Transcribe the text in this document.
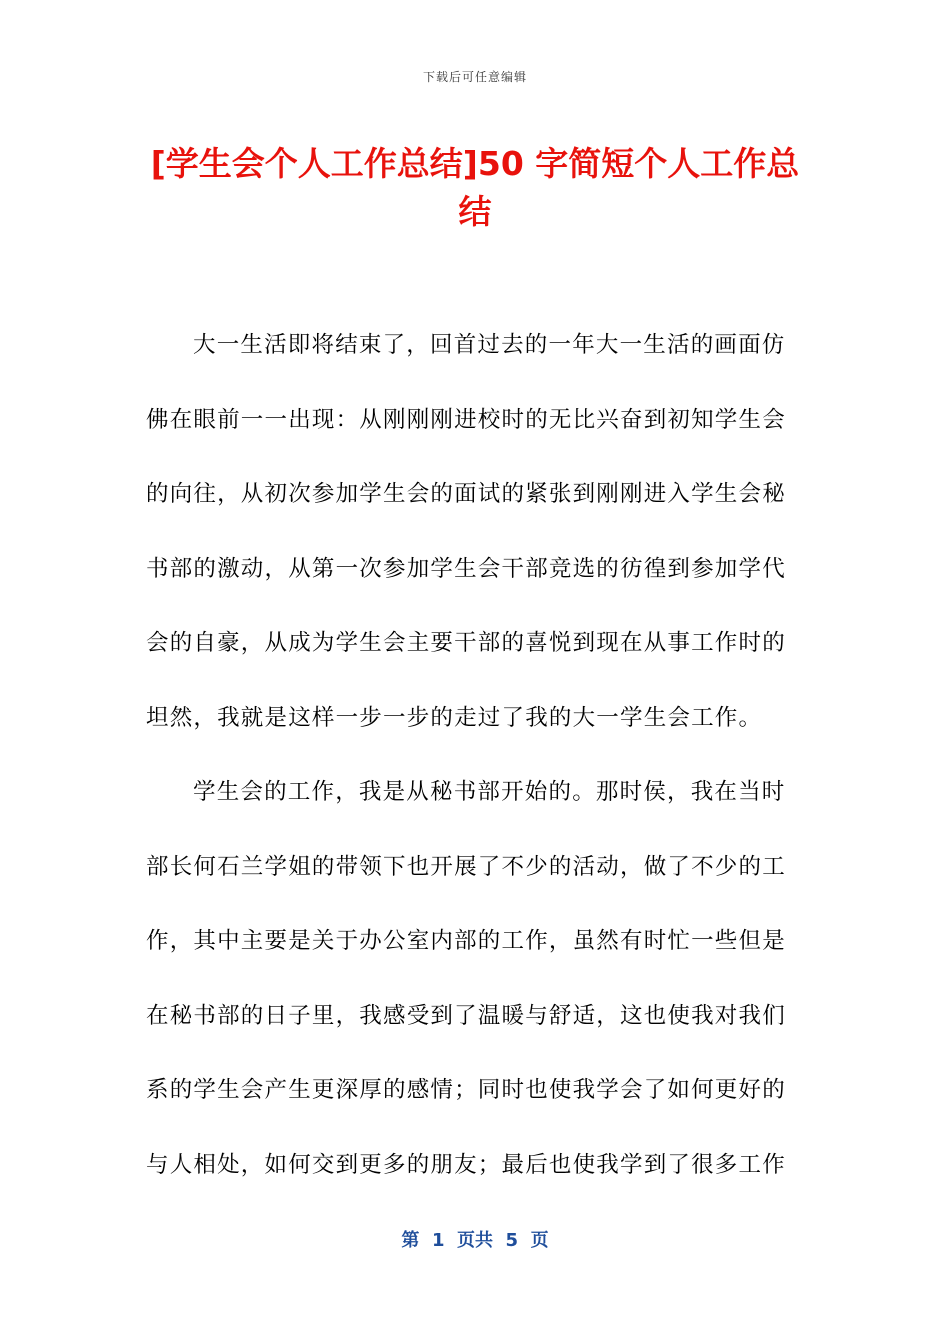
下载后可任意编辑
[学生会个人工作总结]50 字简短个人工作总
结
大一生活即将结束了，回首过去的一年大一生活的画面仿
佛在眼前一一出现：从刚刚刚进校时的无比兴奋到初知学生会
的向往，从初次参加学生会的面试的紧张到刚刚进入学生会秘
书部的激动，从第一次参加学生会干部竞选的彷徨到参加学代
会的自豪，从成为学生会主要干部的喜悦到现在从事工作时的
坦然，我就是这样一步一步的走过了我的大一学生会工作。
学生会的工作，我是从秘书部开始的。那时侯，我在当时
部长何石兰学姐的带领下也开展了不少的活动，做了不少的工
作，其中主要是关于办公室内部的工作，虽然有时忙一些但是
在秘书部的日子里，我感受到了温暖与舒适，这也使我对我们
系的学生会产生更深厚的感情；同时也使我学会了如何更好的
与人相处，如何交到更多的朋友；最后也使我学到了很多工作
第  1  页共  5  页
